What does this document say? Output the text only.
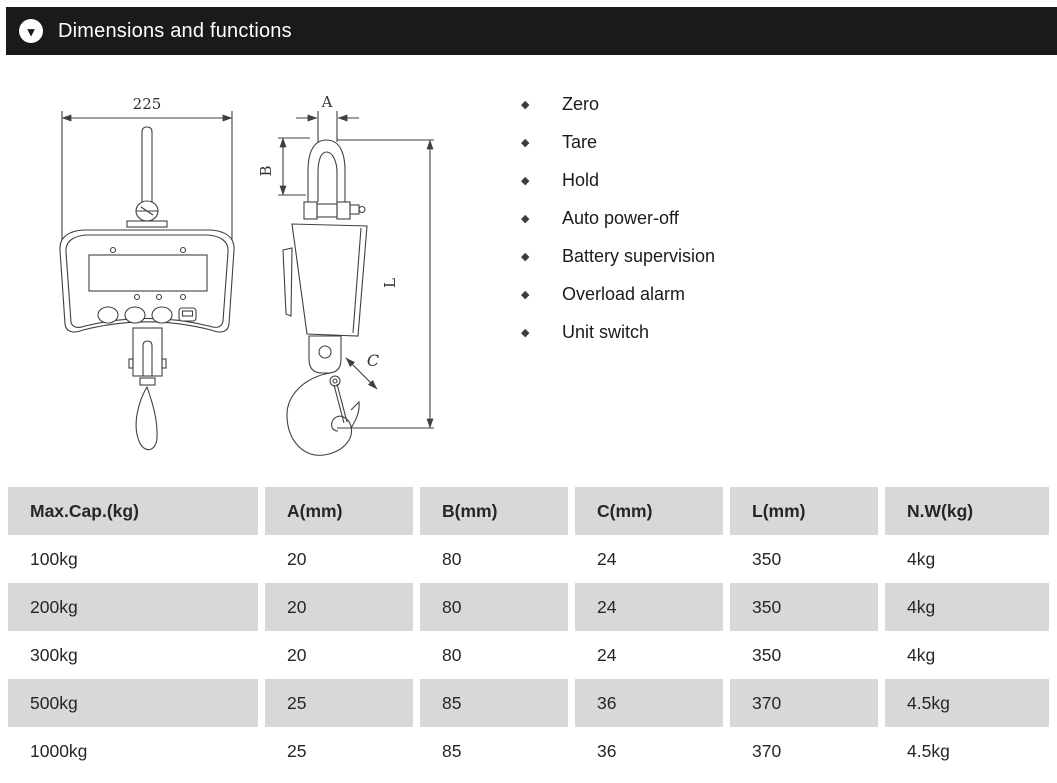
▼ Dimensions and functions
225	A
B
C
L
◆	Zero
◆	Tare
◆	Hold
◆	Auto power-off
◆	Battery supervision
◆	Overload alarm
◆	Unit switch
Max.Cap.(kg)	A(mm)	B(mm)	C(mm)	L(mm)	N.W(kg)
100kg	20	80	24	350	4kg
200kg	20	80	24	350	4kg
300kg	20	80	24	350	4kg
500kg	25	85	36	370	4.5kg
1000kg	25	85	36	370	4.5kg
